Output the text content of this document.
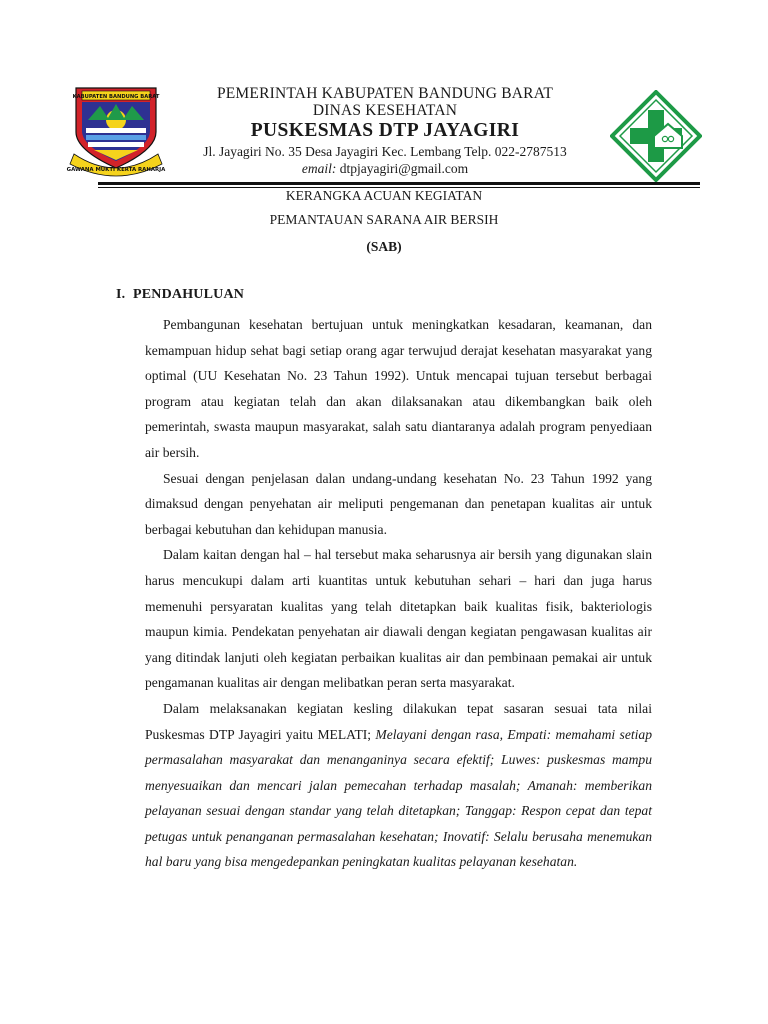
KABUPATEN BANDUNG BARAT
GAWANA MUKTI KERTA RAHARJA
PEMERINTAH KABUPATEN BANDUNG BARAT
DINAS KESEHATAN
PUSKESMAS DTP JAYAGIRI
Jl. Jayagiri No. 35 Desa Jayagiri Kec. Lembang Telp. 022-2787513
email: dtpjayagiri@gmail.com
KERANGKA ACUAN KEGIATAN
PEMANTAUAN SARANA AIR BERSIH
(SAB)
I. PENDAHULUAN

Pembangunan kesehatan bertujuan untuk meningkatkan kesadaran, keamanan, dan kemampuan hidup sehat bagi setiap orang agar terwujud derajat kesehatan masyarakat yang optimal (UU Kesehatan No. 23 Tahun 1992). Untuk mencapai tujuan tersebut berbagai program atau kegiatan telah dan akan dilaksanakan atau dikembangkan baik oleh pemerintah, swasta maupun masyarakat, salah satu diantaranya adalah program penyediaan air bersih.

Sesuai dengan penjelasan dalan undang-undang kesehatan No. 23 Tahun 1992 yang dimaksud dengan penyehatan air meliputi pengemanan dan penetapan kualitas air untuk berbagai kebutuhan dan kehidupan manusia.

Dalam kaitan dengan hal – hal tersebut maka seharusnya air bersih yang digunakan slain harus mencukupi dalam arti kuantitas untuk kebutuhan sehari – hari dan juga harus memenuhi persyaratan kualitas yang telah ditetapkan baik kualitas fisik, bakteriologis maupun kimia. Pendekatan penyehatan air diawali dengan kegiatan pengawasan kualitas air yang ditindak lanjuti oleh kegiatan perbaikan kualitas air dan pembinaan pemakai air untuk pengamanan kualitas air dengan melibatkan peran serta masyarakat.

Dalam melaksanakan kegiatan kesling dilakukan tepat sasaran sesuai tata nilai Puskesmas DTP Jayagiri yaitu MELATI; Melayani dengan rasa, Empati: memahami setiap permasalahan masyarakat dan menanganinya secara efektif; Luwes: puskesmas mampu menyesuaikan dan mencari jalan pemecahan terhadap masalah; Amanah: memberikan pelayanan sesuai dengan standar yang telah ditetapkan; Tanggap: Respon cepat dan tepat petugas untuk penanganan permasalahan kesehatan; Inovatif: Selalu berusaha menemukan hal baru yang bisa mengedepankan peningkatan kualitas pelayanan kesehatan.
